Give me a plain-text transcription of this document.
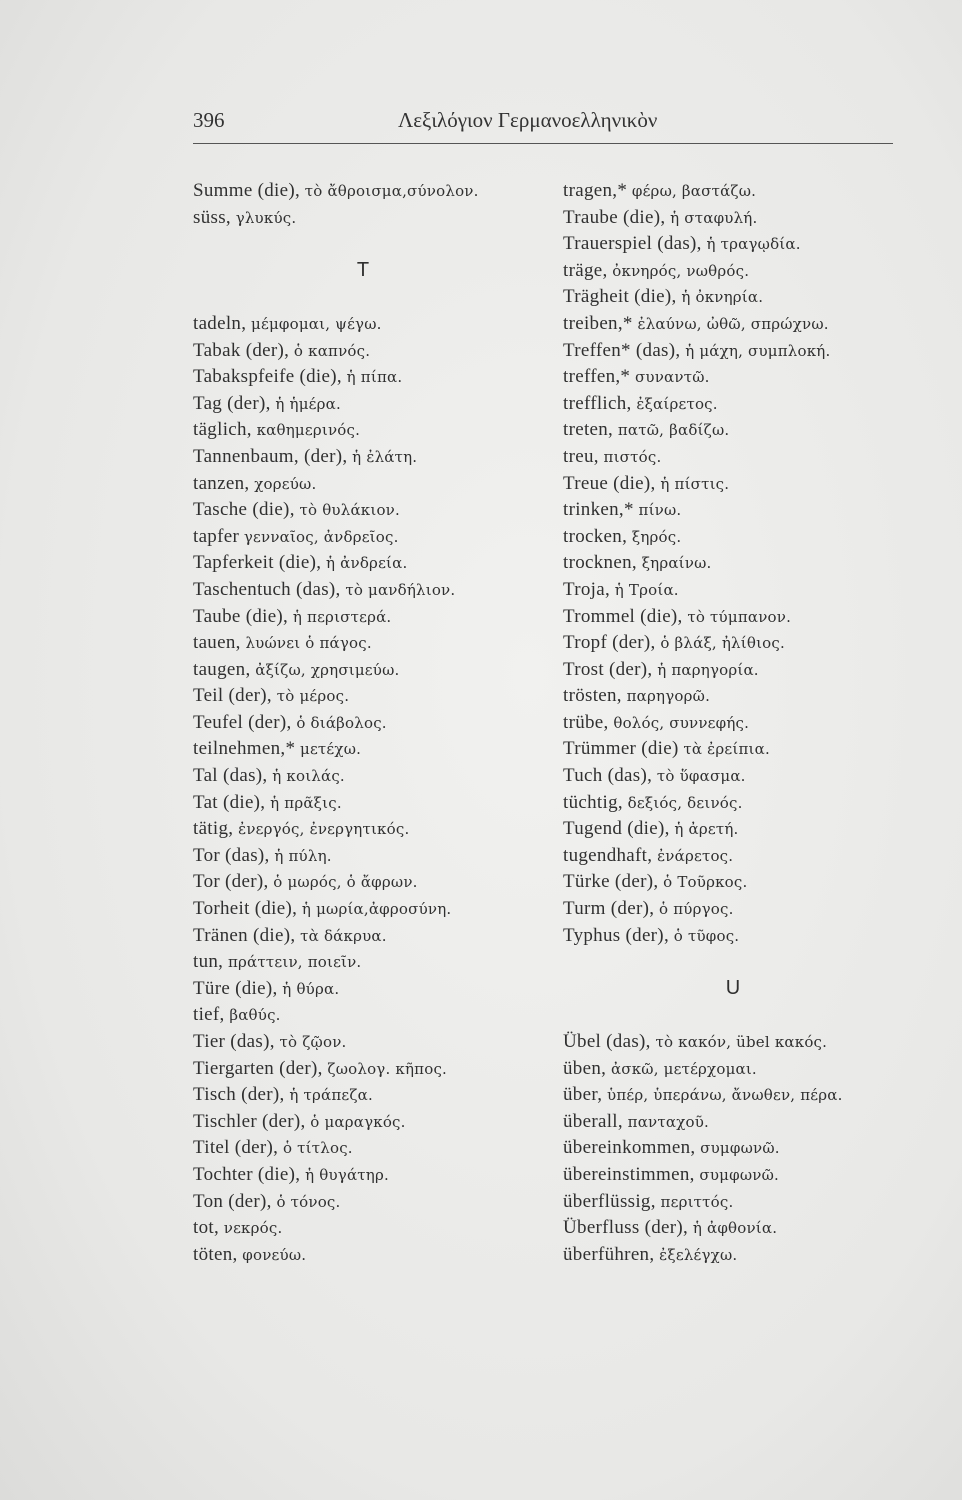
396	Λεξιλόγιον Γερμανοελληνικὸν
Summe (die), τὸ ἄθροισμα,σύνολον.
süss, γλυκύς.
T
tadeln, μέμφομαι, ψέγω.
Tabak (der), ὁ καπνός.
Tabakspfeife (die), ἡ πίπα.
Tag (der), ἡ ἡμέρα.
täglich, καθημερινός.
Tannenbaum, (der), ἡ ἐλάτη.
tanzen, χορεύω.
Tasche (die), τὸ θυλάκιον.
tapfer γενναῖος, ἀνδρεῖος.
Tapferkeit (die), ἡ ἀνδρεία.
Taschentuch (das), τὸ μανδήλιον.
Taube (die), ἡ περιστερά.
tauen, λυώνει ὁ πάγος.
taugen, ἀξίζω, χρησιμεύω.
Teil (der), τὸ μέρος.
Teufel (der), ὁ διάβολος.
teilnehmen,* μετέχω.
Tal (das), ἡ κοιλάς.
Tat (die), ἡ πρᾶξις.
tätig, ἐνεργός, ἐνεργητικός.
Tor (das), ἡ πύλη.
Tor (der), ὁ μωρός, ὁ ἄφρων.
Torheit (die), ἡ μωρία,ἀφροσύνη.
Tränen (die), τὰ δάκρυα.
tun, πράττειν, ποιεῖν.
Türe (die), ἡ θύρα.
tief, βαθύς.
Tier (das), τὸ ζῷον.
Tiergarten (der), ζωολογ. κῆπος.
Tisch (der), ἡ τράπεζα.
Tischler (der), ὁ μαραγκός.
Titel (der), ὁ τίτλος.
Tochter (die), ἡ θυγάτηρ.
Ton (der), ὁ τόνος.
tot, νεκρός.
töten, φονεύω.
tragen,* φέρω, βαστάζω.
Traube (die), ἡ σταφυλή.
Trauerspiel (das), ἡ τραγῳδία.
träge, ὀκνηρός, νωθρός.
Trägheit (die), ἡ ὀκνηρία.
treiben,* ἐλαύνω, ὠθῶ, σπρώχνω.
Treffen* (das), ἡ μάχη, συμπλοκή.
treffen,* συναντῶ.
trefflich, ἐξαίρετος.
treten, πατῶ, βαδίζω.
treu, πιστός.
Treue (die), ἡ πίστις.
trinken,* πίνω.
trocken, ξηρός.
trocknen, ξηραίνω.
Troja, ἡ Τροία.
Trommel (die), τὸ τύμπανον.
Tropf (der), ὁ βλάξ, ἠλίθιος.
Trost (der), ἡ παρηγορία.
trösten, παρηγορῶ.
trübe, θολός, συννεφής.
Trümmer (die) τὰ ἐρείπια.
Tuch (das), τὸ ὕφασμα.
tüchtig, δεξιός, δεινός.
Tugend (die), ἡ ἀρετή.
tugendhaft, ἐνάρετος.
Türke (der), ὁ Τοῦρκος.
Turm (der), ὁ πύργος.
Typhus (der), ὁ τῦφος.
U
Übel (das), τὸ κακόν, übel κακός.
üben, ἀσκῶ, μετέρχομαι.
über, ὑπέρ, ὑπεράνω, ἄνωθεν, πέρα.
überall, πανταχοῦ.
übereinkommen, συμφωνῶ.
übereinstimmen, συμφωνῶ.
überflüssig, περιττός.
Überfluss (der), ἡ ἀφθονία.
überführen, ἐξελέγχω.
